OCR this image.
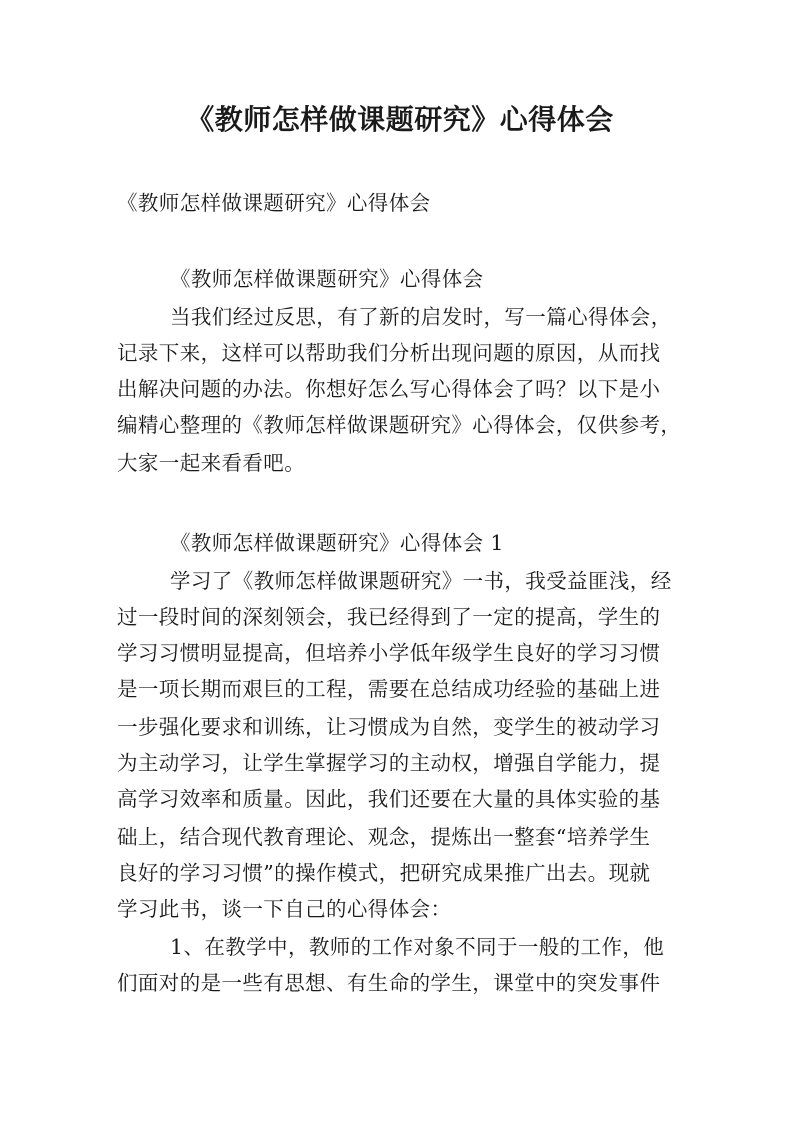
《教师怎样做课题研究》心得体会
《教师怎样做课题研究》心得体会
《教师怎样做课题研究》心得体会
当我们经过反思，有了新的启发时，写一篇心得体会，
记录下来，这样可以帮助我们分析出现问题的原因，从而找
出解决问题的办法。你想好怎么写心得体会了吗？以下是小
编精心整理的《教师怎样做课题研究》心得体会，仅供参考，
大家一起来看看吧。
《教师怎样做课题研究》心得体会 1
学习了《教师怎样做课题研究》一书，我受益匪浅，经
过一段时间的深刻领会，我已经得到了一定的提高，学生的
学习习惯明显提高，但培养小学低年级学生良好的学习习惯
是一项长期而艰巨的工程，需要在总结成功经验的基础上进
一步强化要求和训练，让习惯成为自然，变学生的被动学习
为主动学习，让学生掌握学习的主动权，增强自学能力，提
高学习效率和质量。因此，我们还要在大量的具体实验的基
础上，结合现代教育理论、观念，提炼出一整套“培养学生
良好的学习习惯”的操作模式，把研究成果推广出去。现就
学习此书，谈一下自己的心得体会：
1、在教学中，教师的工作对象不同于一般的工作，他
们面对的是一些有思想、有生命的学生，课堂中的突发事件
